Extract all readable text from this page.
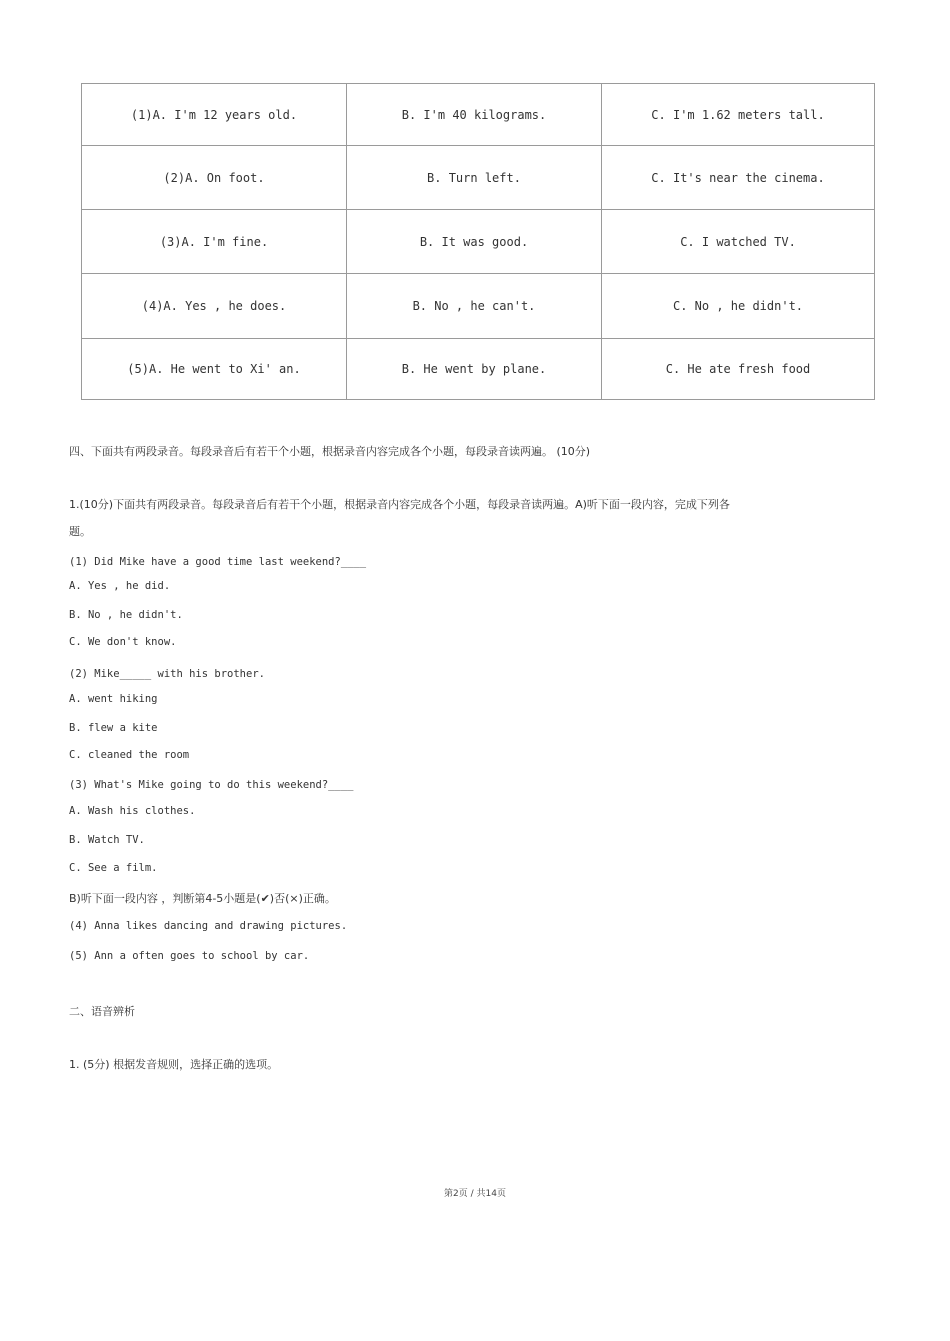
(1)A. I'm 12 years old.	B. I'm 40 kilograms.	C. I'm 1.62 meters tall.
(2)A. On foot.	B. Turn left.	C. It's near the cinema.
(3)A. I'm fine.	B. It was good.	C. I watched TV.
(4)A. Yes , he does.	B. No , he can't.	C. No , he didn't.
(5)A. He went to Xi' an.	B. He went by plane.	C. He ate fresh food
四、下面共有两段录音。每段录音后有若干个小题，根据录音内容完成各个小题，每段录音读两遍。 (10分)
1.(10分)下面共有两段录音。每段录音后有若干个小题，根据录音内容完成各个小题，每段录音读两遍。A)听下面一段内容，完成下列各
题。
(1) Did Mike have a good time last weekend?____
A. Yes , he did.
B. No , he didn't.
C. We don't know.
(2) Mike_____ with his brother.
A. went hiking
B. flew a kite
C. cleaned the room
(3) What's Mike going to do this weekend?____
A. Wash his clothes.
B. Watch TV.
C. See a film.
B)听下面一段内容 ，判断第4-5小题是(✔)否(×)正确。
(4) Anna likes dancing and drawing pictures.
(5) Ann a often goes to school by car.
二、语音辨析
1. (5分) 根据发音规则，选择正确的选项。
第2页 / 共14页
